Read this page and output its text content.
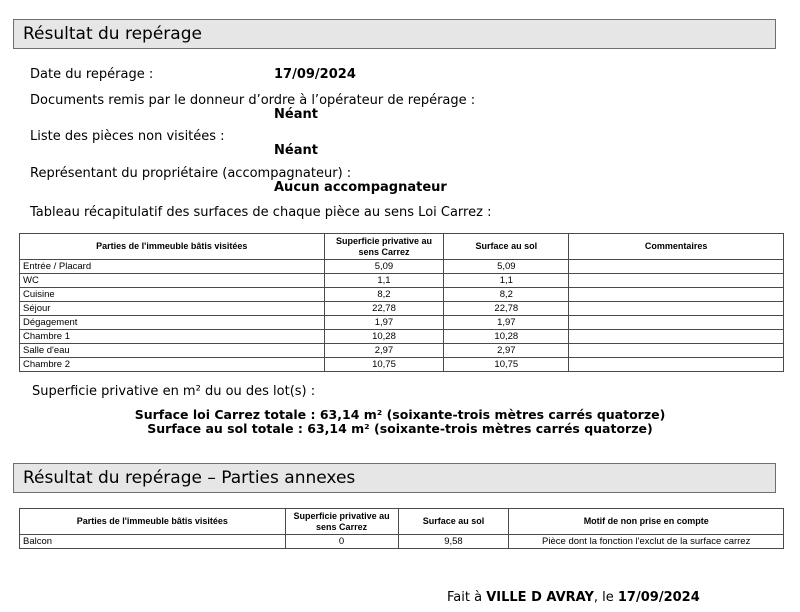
Résultat du repérage
Date du repérage :	17/09/2024
Documents remis par le donneur d’ordre à l’opérateur de repérage :
Néant
Liste des pièces non visitées :
Néant
Représentant du propriétaire (accompagnateur) :
Aucun accompagnateur
Tableau récapitulatif des surfaces de chaque pièce au sens Loi Carrez :
Parties de l'immeuble bâtis visitées	Superficie privative au sens Carrez	Surface au sol	Commentaires
Entrée / Placard	5,09	5,09	
WC	1,1	1,1	
Cuisine	8,2	8,2	
Séjour	22,78	22,78	
Dégagement	1,97	1,97	
Chambre 1	10,28	10,28	
Salle d'eau	2,97	2,97	
Chambre 2	10,75	10,75	
Superficie privative en m² du ou des lot(s) :
Surface loi Carrez totale : 63,14 m² (soixante-trois mètres carrés quatorze)
Surface au sol totale : 63,14 m² (soixante-trois mètres carrés quatorze)
Résultat du repérage – Parties annexes
Parties de l'immeuble bâtis visitées	Superficie privative au sens Carrez	Surface au sol	Motif de non prise en compte
Balcon	0	9,58	Pièce dont la fonction l'exclut de la surface carrez
Fait à VILLE D AVRAY, le 17/09/2024
